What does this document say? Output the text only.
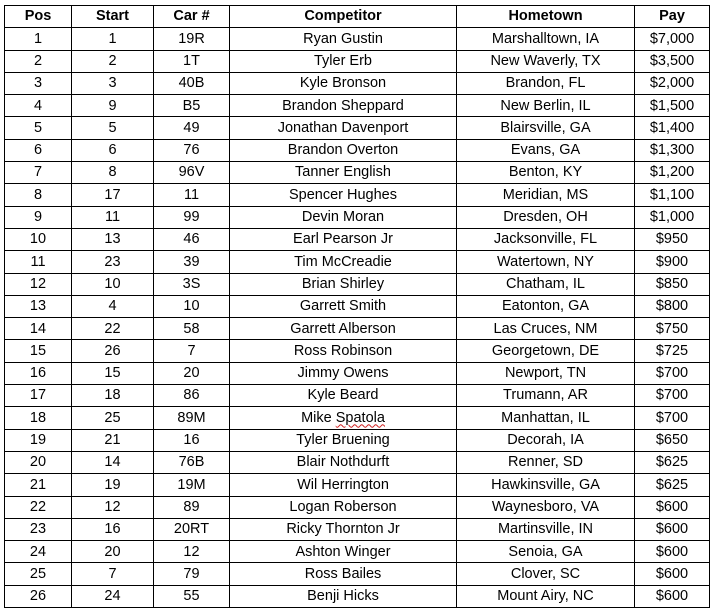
Pos	Start	Car #	Competitor	Hometown	Pay
1	1	19R	Ryan Gustin	Marshalltown, IA	$7,000
2	2	1T	Tyler Erb	New Waverly, TX	$3,500
3	3	40B	Kyle Bronson	Brandon, FL	$2,000
4	9	B5	Brandon Sheppard	New Berlin, IL	$1,500
5	5	49	Jonathan Davenport	Blairsville, GA	$1,400
6	6	76	Brandon Overton	Evans, GA	$1,300
7	8	96V	Tanner English	Benton, KY	$1,200
8	17	11	Spencer Hughes	Meridian, MS	$1,100
9	11	99	Devin Moran	Dresden, OH	$1,000
10	13	46	Earl Pearson Jr	Jacksonville, FL	$950
11	23	39	Tim McCreadie	Watertown, NY	$900
12	10	3S	Brian Shirley	Chatham, IL	$850
13	4	10	Garrett Smith	Eatonton, GA	$800
14	22	58	Garrett Alberson	Las Cruces, NM	$750
15	26	7	Ross Robinson	Georgetown, DE	$725
16	15	20	Jimmy Owens	Newport, TN	$700
17	18	86	Kyle Beard	Trumann, AR	$700
18	25	89M	Mike Spatola	Manhattan, IL	$700
19	21	16	Tyler Bruening	Decorah, IA	$650
20	14	76B	Blair Nothdurft	Renner, SD	$625
21	19	19M	Wil Herrington	Hawkinsville, GA	$625
22	12	89	Logan Roberson	Waynesboro, VA	$600
23	16	20RT	Ricky Thornton Jr	Martinsville, IN	$600
24	20	12	Ashton Winger	Senoia, GA	$600
25	7	79	Ross Bailes	Clover, SC	$600
26	24	55	Benji Hicks	Mount Airy, NC	$600
